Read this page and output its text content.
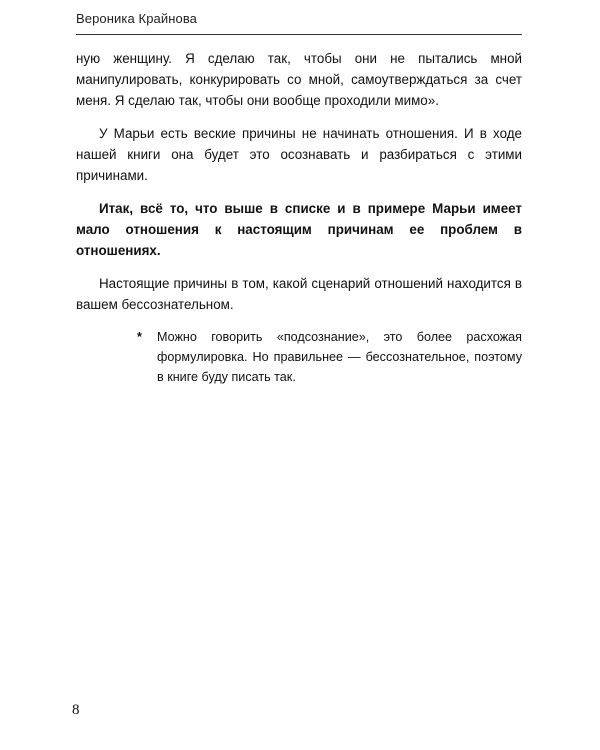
Вероника Крайнова

ную женщину. Я сделаю так, чтобы они не пытались мной манипулировать, конкурировать со мной, самоутверждаться за счет меня. Я сделаю так, чтобы они вообще проходили мимо».

У Марьи есть веские причины не начинать отношения. И в ходе нашей книги она будет это осознавать и разбираться с этими причинами.

Итак, всё то, что выше в списке и в примере Марьи имеет мало отношения к настоящим причинам ее проблем в отношениях.

Настоящие причины в том, какой сценарий отношений находится в вашем бессознательном.

* Можно говорить «подсознание», это более расхожая формулировка. Но правильнее — бессознательное, поэтому в книге буду писать так.

8
